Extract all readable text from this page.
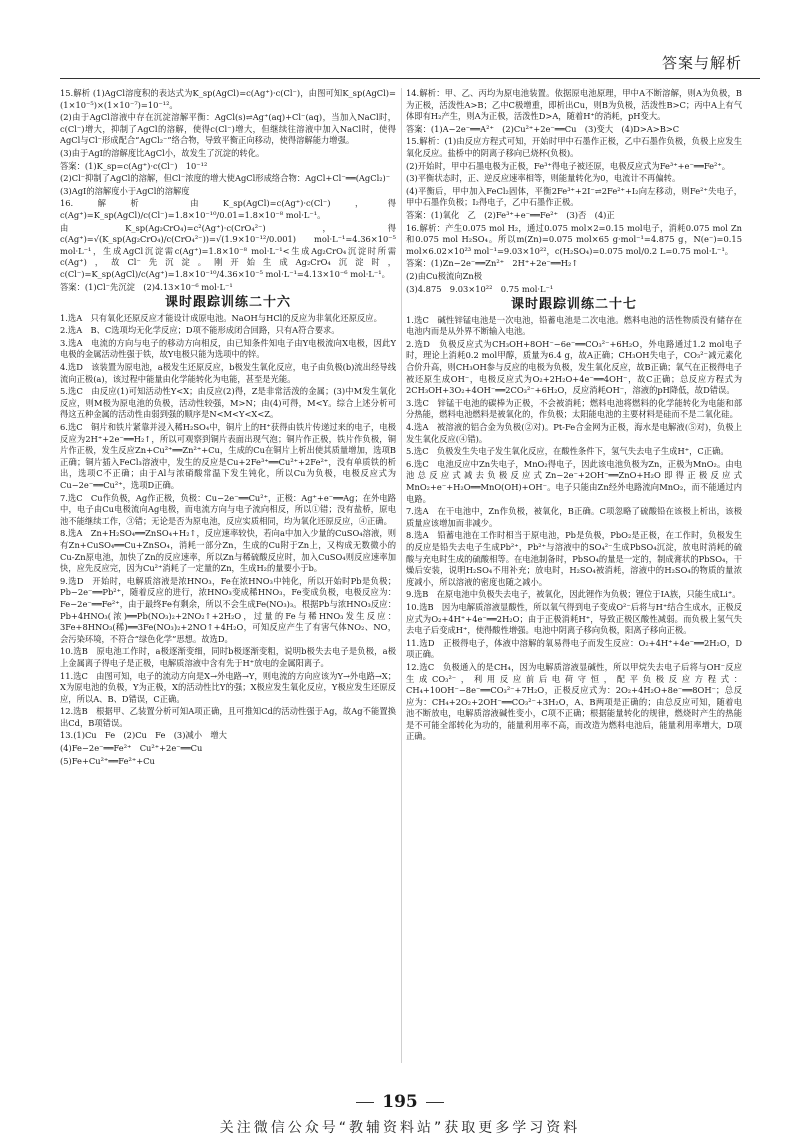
答案与解析

15.解析 (1)AgCl溶度积的表达式为K_sp(AgCl)=c(Ag⁺)·c(Cl⁻)，由图可知K_sp(AgCl)=(1×10⁻⁵)×(1×10⁻⁷)=10⁻¹²。

(2)由于AgCl溶液中存在沉淀溶解平衡：AgCl(s)⇌Ag⁺(aq)+Cl⁻(aq)，当加入NaCl时，c(Cl⁻)增大，抑制了AgCl的溶解，使得c(Cl⁻)增大，但继续往溶液中加入NaCl时，使得AgCl与Cl⁻形成配合“AgCl₂⁻”络合物，导致平衡正向移动，使得溶解能力增强。

(3)由于AgI的溶解度比AgCl小，故发生了沉淀的转化。

答案：(1)K_sp=c(Ag⁺)·c(Cl⁻)　10⁻¹²

(2)Cl⁻抑制了AgCl的溶解，但Cl⁻浓度的增大使AgCl形成络合物：AgCl+Cl⁻══(AgCl₂)⁻

(3)AgI的溶解度小于AgCl的溶解度

16.解析 由K_sp(AgCl)=c(Ag⁺)·c(Cl⁻)，得c(Ag⁺)=K_sp(AgCl)/c(Cl⁻)=1.8×10⁻¹⁰/0.01=1.8×10⁻⁸ mol·L⁻¹。

由K_sp(Ag₂CrO₄)=c²(Ag⁺)·c(CrO₄²⁻)，得c(Ag⁺)=√(K_sp(Ag₂CrO₄)/c(CrO₄²⁻))=√(1.9×10⁻¹²/0.001) mol·L⁻¹=4.36×10⁻⁵ mol·L⁻¹，生成AgCl沉淀需c(Ag⁺)=1.8×10⁻⁸ mol·L⁻¹<生成Ag₂CrO₄沉淀时所需c(Ag⁺)，故Cl⁻先沉淀。刚开始生成Ag₂CrO₄沉淀时，c(Cl⁻)=K_sp(AgCl)/c(Ag⁺)=1.8×10⁻¹⁰/4.36×10⁻⁵ mol·L⁻¹=4.13×10⁻⁶ mol·L⁻¹。

答案：(1)Cl⁻先沉淀　(2)4.13×10⁻⁶ mol·L⁻¹

课时跟踪训练二十六

1.选A　只有氧化还原反应才能设计成原电池。NaOH与HCl的反应为非氧化还原反应。

2.选A　B、C选项均无化学反应；D项不能形成闭合回路，只有A符合要求。

3.选A　电流的方向与电子的移动方向相反，由已知条件知电子由Y电极流向X电极，因此Y电极的金属活动性强于铁，故Y电极只能为选项中的锌。

4.选D　该装置为原电池，a极发生还原反应，b极发生氧化反应，电子由负极(b)流出经导线流向正极(a)，该过程中能量由化学能转化为电能，甚至是光能。

5.选C　由反应(1)可知活动性Y<X；由反应(2)得，Z是非常活泼的金属；(3)中M发生氧化反应，则M极为原电池的负极，活动性较强，M>N；由(4)可得，M<Y。综合上述分析可得这五种金属的活动性由弱到强的顺序是N<M<Y<X<Z。

6.选C　铜片和铁片紧靠并浸入稀H₂SO₄中，铜片上的H⁺获得由铁片传递过来的电子，电极反应为2H⁺+2e⁻══H₂↑，所以可观察到铜片表面出现气泡；铜片作正极，铁片作负极，铜片作正极，发生反应Zn+Cu²⁺══Zn²⁺+Cu，生成的Cu在铜片上析出使其质量增加，选项B正确；铜片插入FeCl₃溶液中，发生的反应是Cu+2Fe³⁺══Cu²⁺+2Fe²⁺，没有单质铁的析出，选项C不正确；由于Al与浓硝酸常温下发生钝化，所以Cu为负极，电极反应式为Cu−2e⁻══Cu²⁺，选项D正确。

7.选C　Cu作负极，Ag作正极，负极：Cu−2e⁻══Cu²⁺，正极：Ag⁺+e⁻══Ag；在外电路中，电子由Cu电极流向Ag电极，而电流方向与电子流向相反，所以①错；没有盐桥，原电池不能继续工作，③错；无论是否为原电池，反应实质相同，均为氧化还原反应，④正确。

8.选A　Zn+H₂SO₄══ZnSO₄+H₂↑，反应速率较快，若向a中加入少量的CuSO₄溶液，则有Zn+CuSO₄══Cu+ZnSO₄，消耗一部分Zn，生成的Cu附于Zn上，又构成无数微小的Cu-Zn原电池，加快了Zn的反应速率，所以Zn与稀硫酸反应时，加入CuSO₄则反应速率加快，应先反应完，因为Cu²⁺消耗了一定量的Zn，生成H₂的量要小于b。

9.选D　开始时，电解质溶液是浓HNO₃，Fe在浓HNO₃中钝化，所以开始时Pb是负极；Pb−2e⁻══Pb²⁺，随着反应的进行，浓HNO₃变成稀HNO₃，Fe变成负极，电极反应为：Fe−2e⁻══Fe²⁺，由于最终Fe有剩余，所以不会生成Fe(NO₃)₃。根据Pb与浓HNO₃反应：Pb+4HNO₃(浓)══Pb(NO₃)₂+2NO₂↑+2H₂O，过量的Fe与稀HNO₃发生反应：3Fe+8HNO₃(稀)══3Fe(NO₃)₂+2NO↑+4H₂O，可知反应产生了有害气体NO₂、NO，会污染环境，不符合“绿色化学”思想。故选D。

10.选B　原电池工作时，a极逐渐变细，同时b极逐渐变粗，说明b极失去电子是负极，a极上金属离子得电子是正极，电解质溶液中含有先于H⁺放电的金属阳离子。

11.选C　由图可知，电子的流动方向是X→外电路→Y，则电流的方向应该为Y→外电路→X；X为原电池的负极，Y为正极，X的活动性比Y的强；X极应发生氧化反应，Y极应发生还原反应，所以A、B、D错误，C正确。

12.选B　根据甲、乙装置分析可知A项正确，且可推知Cd的活动性强于Ag，故Ag不能置换出Cd，B项错误。

13.(1)Cu　Fe　(2)Cu　Fe　(3)减小　增大

(4)Fe−2e⁻══Fe²⁺　Cu²⁺+2e⁻══Cu

(5)Fe+Cu²⁺══Fe²⁺+Cu

14.解析：甲、乙、丙均为原电池装置。依据原电池原理，甲中A不断溶解，则A为负极，B为正极，活泼性A>B；乙中C极增重，即析出Cu，则B为负极，活泼性B>C；丙中A上有气体即有H₂产生，则A为正极，活泼性D>A，随着H⁺的消耗，pH变大。

答案：(1)A−2e⁻══A²⁺　(2)Cu²⁺+2e⁻══Cu　(3)变大　(4)D>A>B>C

15.解析：(1)由反应方程式可知，开始时甲中石墨作正极，乙中石墨作负极，负极上应发生氧化反应。盐桥中的阴离子移向已烧杯(负极)。

(2)开始时，甲中石墨电极为正极，Fe³⁺得电子被还原，电极反应式为Fe³⁺+e⁻══Fe²⁺。

(3)平衡状态时，正、逆反应速率相等，则能量转化为0，电流计不再偏转。

(4)平衡后，甲中加入FeCl₂固体，平衡2Fe³⁺+2I⁻⇌2Fe²⁺+I₂向左移动，则Fe²⁺失电子，甲中石墨作负极；I₂得电子，乙中石墨作正极。

答案：(1)氧化　乙　(2)Fe³⁺+e⁻══Fe²⁺　(3)否　(4)正

16.解析：产生0.075 mol H₂，通过0.075 mol×2=0.15 mol电子，消耗0.075 mol Zn和0.075 mol H₂SO₄。所以m(Zn)=0.075 mol×65 g·mol⁻¹=4.875 g，N(e⁻)=0.15 mol×6.02×10²³ mol⁻¹=9.03×10²²，c(H₂SO₄)=0.075 mol/0.2 L=0.75 mol·L⁻¹。

答案：(1)Zn−2e⁻══Zn²⁺　2H⁺+2e⁻══H₂↑

(2)由Cu极流向Zn极

(3)4.875　9.03×10²²　0.75 mol·L⁻¹

课时跟踪训练二十七

1.选C　碱性锌锰电池是一次电池，铅蓄电池是二次电池。燃料电池的活性物质没有储存在电池内而是从外界不断输入电池。

2.选D　负极反应式为CH₃OH+8OH⁻−6e⁻══CO₃²⁻+6H₂O，外电路通过1.2 mol电子时，理论上消耗0.2 mol甲醇，质量为6.4 g，故A正确；CH₃OH失电子，CO₃²⁻减元素化合价升高，则CH₃OH参与反应的电极为负极，发生氧化反应，故B正确；氧气在正极得电子被还原生成OH⁻，电极反应式为O₂+2H₂O+4e⁻══4OH⁻，故C正确；总反应方程式为2CH₃OH+3O₂+4OH⁻══2CO₃²⁻+6H₂O，反应消耗OH⁻，溶液的pH降低，故D错误。

3.选C　锌锰干电池的碳棒为正极，不会被消耗；燃料电池将燃料的化学能转化为电能和部分热能，燃料电池燃料是被氧化的，作负极；太阳能电池的主要材料是硅而不是二氧化硅。

4.选A　被溶液的铝合金为负极(②对)。Pt-Fe合金网为正极，海水是电解液(⑤对)，负极上发生氧化反应(④错)。

5.选C　负极发生失电子发生氧化反应，在酸性条件下，氢气失去电子生成H⁺，C正确。

6.选C　电池反应中Zn失电子，MnO₂得电子，因此该电池负极为Zn，正极为MnO₂。由电池总反应式减去负极反应式Zn−2e⁻+2OH⁻══ZnO+H₂O即得正极反应式MnO₂+e⁻+H₂O══MnO(OH)+OH⁻。电子只能由Zn经外电路流向MnO₂，而不能通过内电路。

7.选A　在干电池中，Zn作负极，被氧化，B正确。C项忽略了硫酸铅在该极上析出，该极质量应该增加而非减少。

8.选A　铅蓄电池在工作时相当于原电池，Pb是负极，PbO₂是正极，在工作时，负极发生的反应是铅失去电子生成Pb²⁺，Pb²⁺与溶液中的SO₄²⁻生成PbSO₄沉淀，放电时消耗的硫酸与充电时生成的硫酸相等。在电池制备时，PbSO₄的量是一定的，制成膏状的PbSO₄，干燥后安装，说明H₂SO₄不用补充；放电时，H₂SO₄被消耗，溶液中的H₂SO₄的物质的量浓度减小，所以溶液的密度也随之减小。

9.选B　在原电池中负极失去电子，被氧化，因此锂作为负极；锂位于IA族，只能生成Li⁺。

10.选B　因为电解质溶液显酸性，所以氧气得到电子变成O²⁻后将与H⁺结合生成水，正极反应式为O₂+4H⁺+4e⁻══2H₂O；由于正极消耗H⁺，导致正极区酸性减弱。而负极上氢气失去电子后变成H⁺，使得酸性增强。电池中阴离子移向负极，阳离子移向正极。

11.选D　正极得电子，体液中溶解的氧易得电子而发生反应：O₂+4H⁺+4e⁻══2H₂O，D项正确。

12.选C　负极通入的是CH₄，因为电解质溶液显碱性，所以甲烷失去电子后将与OH⁻反应生成CO₃²⁻，利用反应前后电荷守恒，配平负极反应方程式：CH₄+10OH⁻−8e⁻══CO₃²⁻+7H₂O，正极反应式为：2O₂+4H₂O+8e⁻══8OH⁻；总反应为：CH₄+2O₂+2OH⁻══CO₃²⁻+3H₂O，A、B两项是正确的；由总反应可知，随着电池不断放电，电解质溶液碱性变小，C项不正确；根据能量转化的规律，燃烧时产生的热能是不可能全部转化为功的，能量利用率不高，而改造为燃料电池后，能量利用率增大，D项正确。

195
关注微信公众号“教辅资料站”获取更多学习资料
